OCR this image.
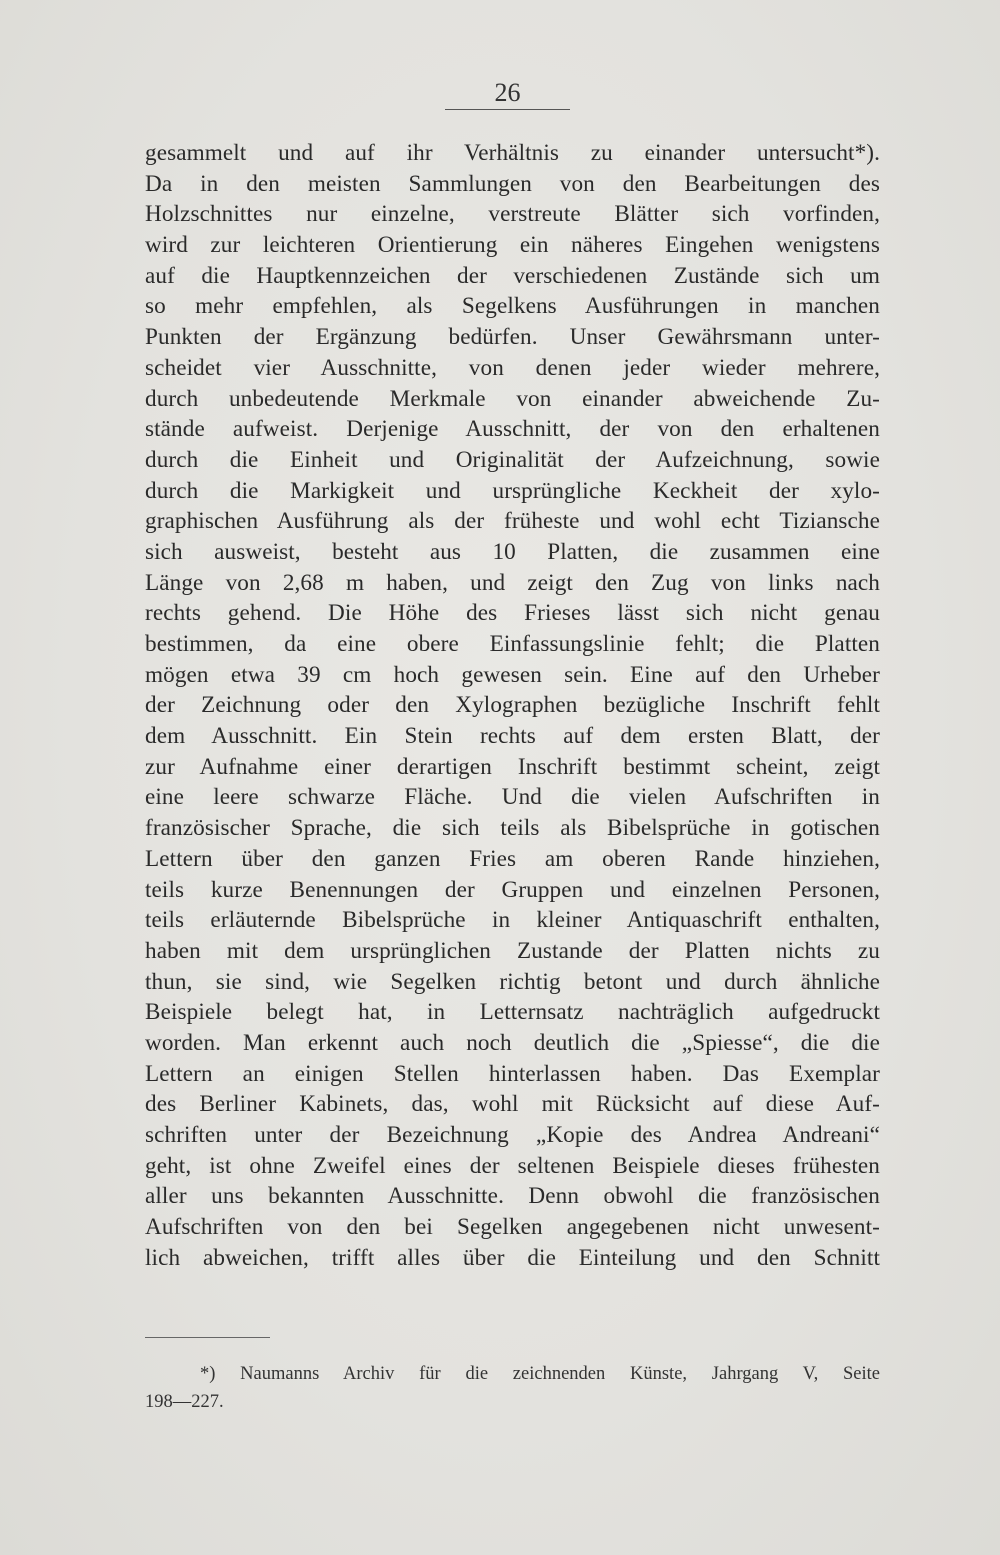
26
gesammelt und auf ihr Verhältnis zu einander untersucht*).
Da in den meisten Sammlungen von den Bearbeitungen des
Holzschnittes nur einzelne, verstreute Blätter sich vorfinden,
wird zur leichteren Orientierung ein näheres Eingehen wenigstens
auf die Hauptkennzeichen der verschiedenen Zustände sich um
so mehr empfehlen, als Segelkens Ausführungen in manchen
Punkten der Ergänzung bedürfen. Unser Gewährsmann unter-
scheidet vier Ausschnitte, von denen jeder wieder mehrere,
durch unbedeutende Merkmale von einander abweichende Zu-
stände aufweist. Derjenige Ausschnitt, der von den erhaltenen
durch die Einheit und Originalität der Aufzeichnung, sowie
durch die Markigkeit und ursprüngliche Keckheit der xylo-
graphischen Ausführung als der früheste und wohl echt Tiziansche
sich ausweist, besteht aus 10 Platten, die zusammen eine
Länge von 2,68 m haben, und zeigt den Zug von links nach
rechts gehend. Die Höhe des Frieses lässt sich nicht genau
bestimmen, da eine obere Einfassungslinie fehlt; die Platten
mögen etwa 39 cm hoch gewesen sein. Eine auf den Urheber
der Zeichnung oder den Xylographen bezügliche Inschrift fehlt
dem Ausschnitt. Ein Stein rechts auf dem ersten Blatt, der
zur Aufnahme einer derartigen Inschrift bestimmt scheint, zeigt
eine leere schwarze Fläche. Und die vielen Aufschriften in
französischer Sprache, die sich teils als Bibelsprüche in gotischen
Lettern über den ganzen Fries am oberen Rande hinziehen,
teils kurze Benennungen der Gruppen und einzelnen Personen,
teils erläuternde Bibelsprüche in kleiner Antiquaschrift enthalten,
haben mit dem ursprünglichen Zustande der Platten nichts zu
thun, sie sind, wie Segelken richtig betont und durch ähnliche
Beispiele belegt hat, in Letternsatz nachträglich aufgedruckt
worden. Man erkennt auch noch deutlich die „Spiesse“, die die
Lettern an einigen Stellen hinterlassen haben. Das Exemplar
des Berliner Kabinets, das, wohl mit Rücksicht auf diese Auf-
schriften unter der Bezeichnung „Kopie des Andrea Andreani“
geht, ist ohne Zweifel eines der seltenen Beispiele dieses frühesten
aller uns bekannten Ausschnitte. Denn obwohl die französischen
Aufschriften von den bei Segelken angegebenen nicht unwesent-
lich abweichen, trifft alles über die Einteilung und den Schnitt
*) Naumanns Archiv für die zeichnenden Künste, Jahrgang V, Seite
198—227.
